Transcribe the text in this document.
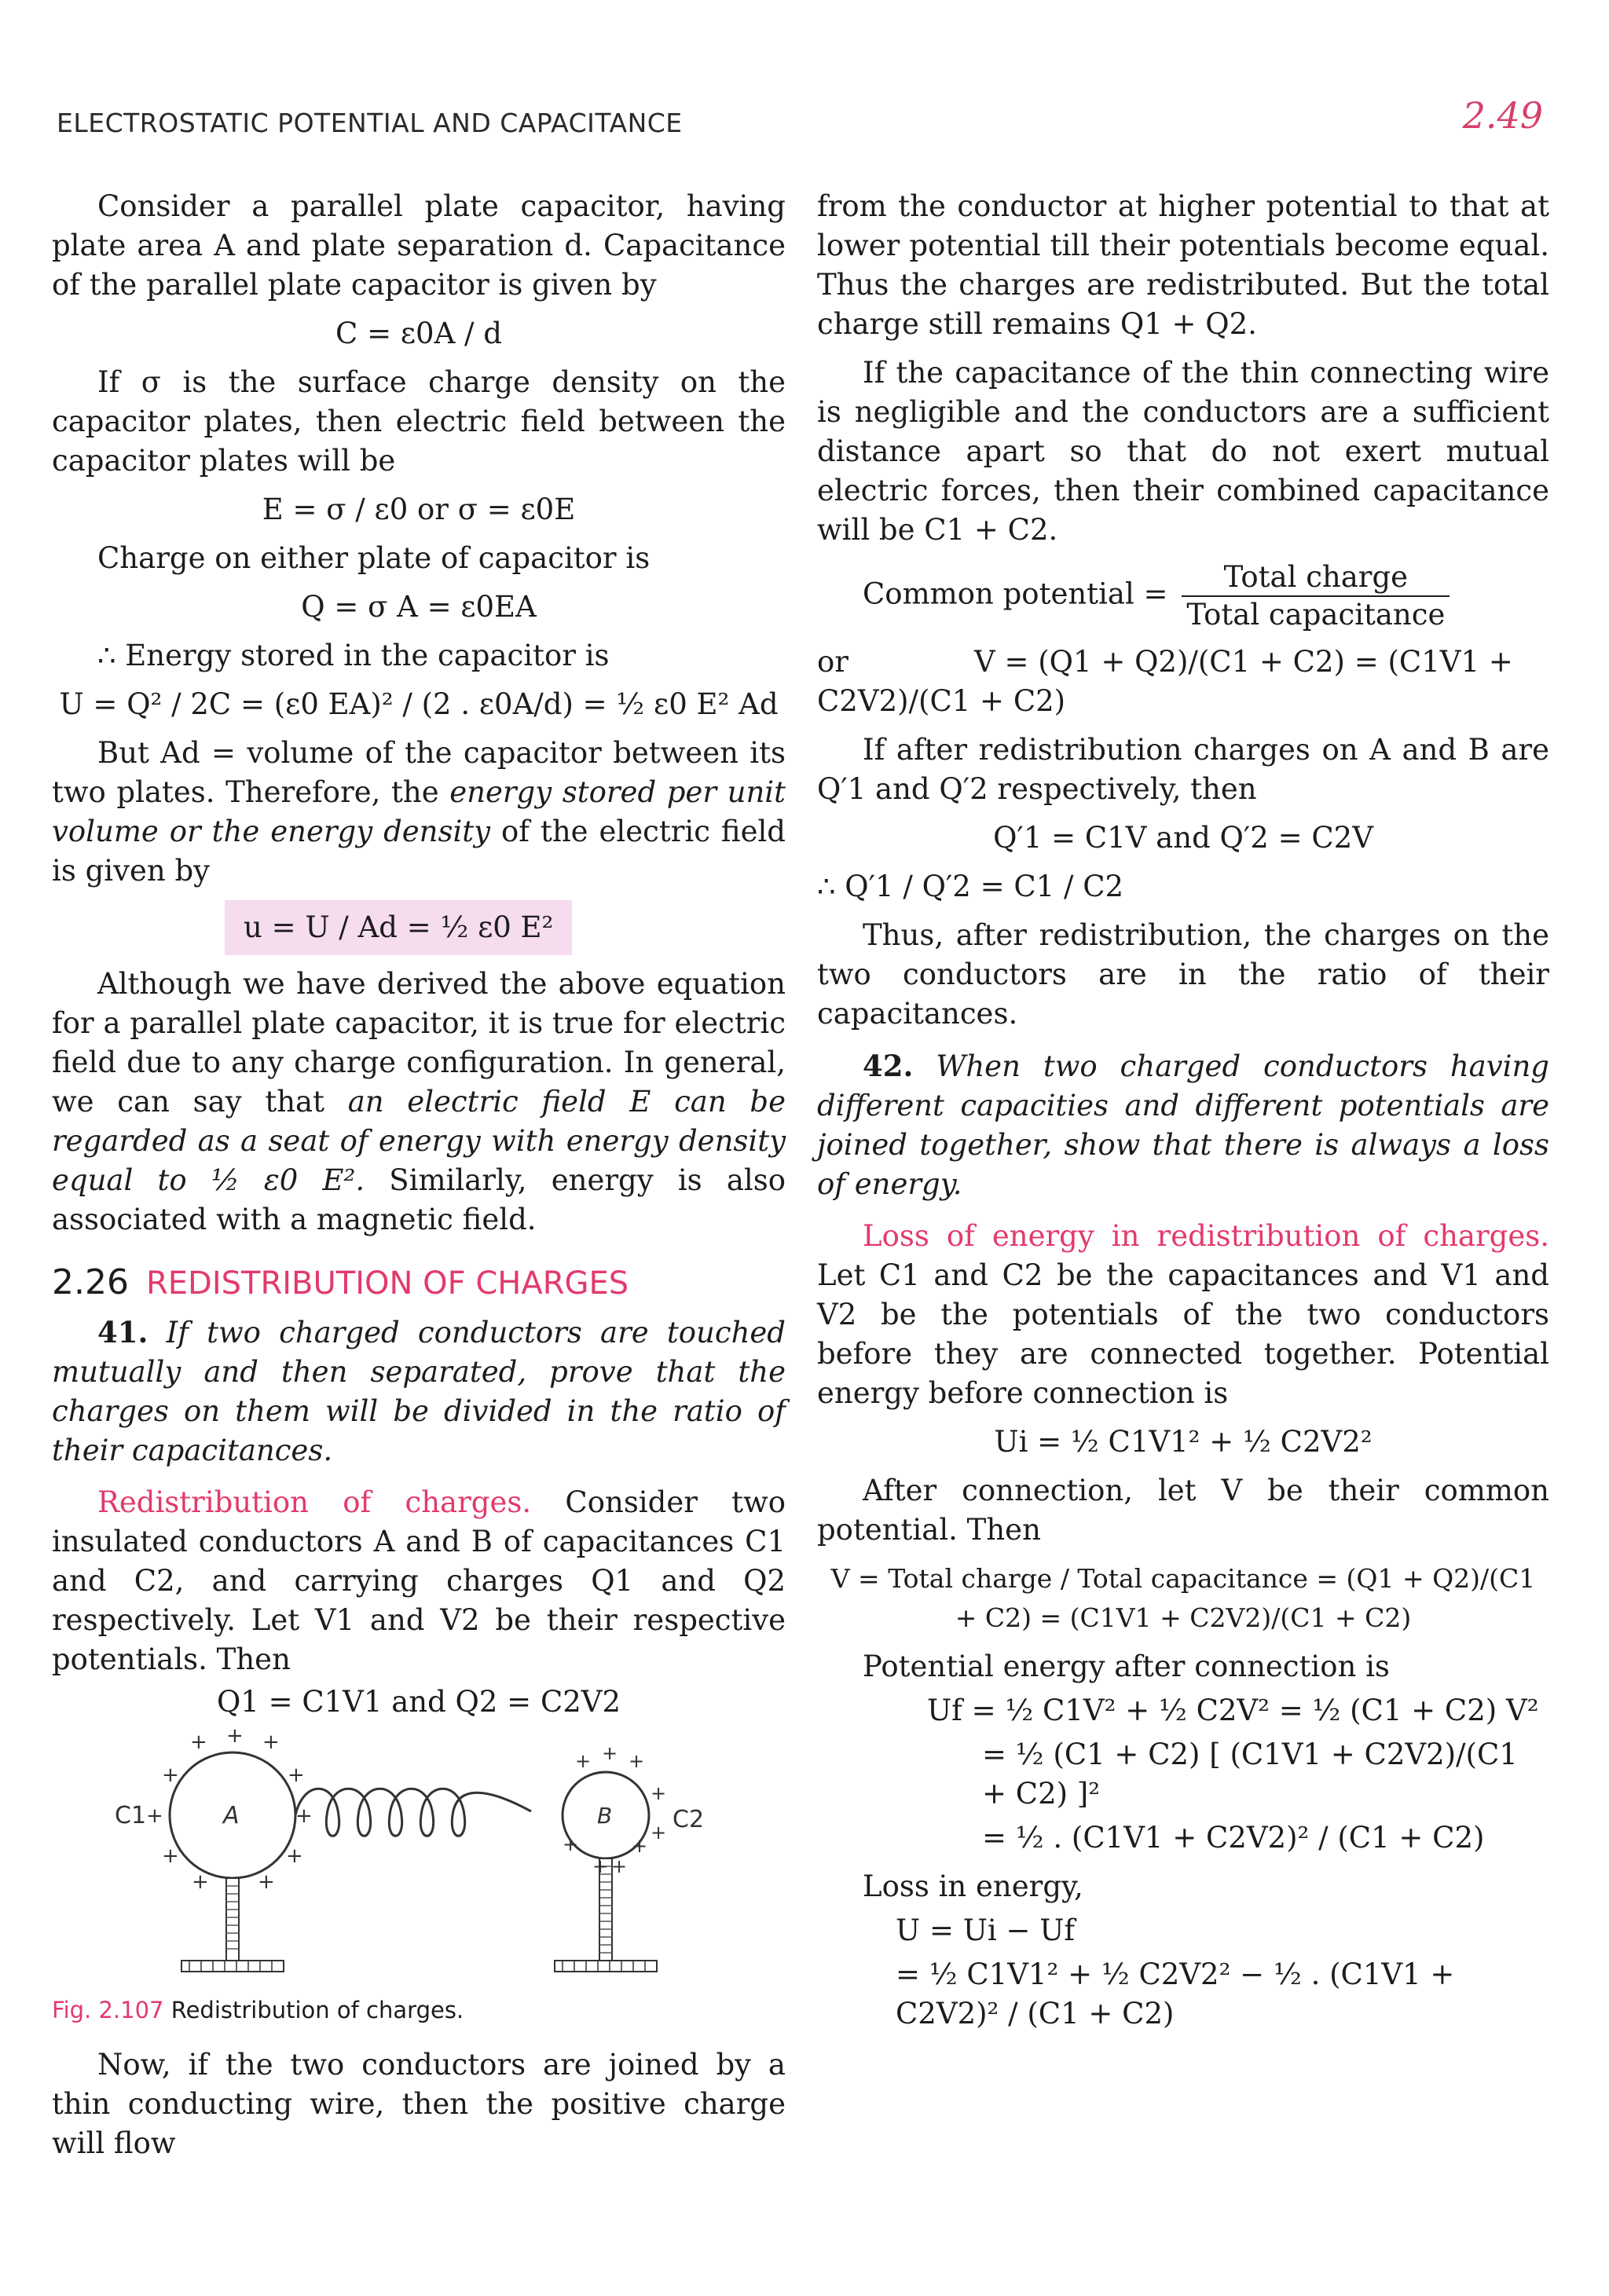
ELECTROSTATIC POTENTIAL AND CAPACITANCE	2.49

Consider a parallel plate capacitor, having plate area A and plate separation d. Capacitance of the parallel plate capacitor is given by

C = ε0A / d

If σ is the surface charge density on the capacitor plates, then electric field between the capacitor plates will be

E = σ / ε0 or σ = ε0E

Charge on either plate of capacitor is

Q = σ A = ε0EA

∴ Energy stored in the capacitor is

U = Q² / 2C = (ε0 EA)² / (2 . ε0A/d) = ½ ε0 E² Ad

But Ad = volume of the capacitor between its two plates. Therefore, the energy stored per unit volume or the energy density of the electric field is given by

u = U / Ad = ½ ε0 E²

Although we have derived the above equation for a parallel plate capacitor, it is true for electric field due to any charge configuration. In general, we can say that an electric field E can be regarded as a seat of energy with energy density equal to ½ ε0 E². Similarly, energy is also associated with a magnetic field.

2.26 REDISTRIBUTION OF CHARGES

41. If two charged conductors are touched mutually and then separated, prove that the charges on them will be divided in the ratio of their capacitances.

Redistribution of charges. Consider two insulated conductors A and B of capacitances C1 and C2, and carrying charges Q1 and Q2 respectively. Let V1 and V2 be their respective potentials. Then

Q1 = C1V1 and Q2 = C2V2
+ + +
+	+
+	+
+	+
+ +
+ + +
+
+
+	+
+ +
C1	A	B	C2
Fig. 2.107 Redistribution of charges.

Now, if the two conductors are joined by a thin conducting wire, then the positive charge will flow

from the conductor at higher potential to that at lower potential till their potentials become equal. Thus the charges are redistributed. But the total charge still remains Q1 + Q2.

If the capacitance of the thin connecting wire is negligible and the conductors are a sufficient distance apart so that do not exert mutual electric forces, then their combined capacitance will be C1 + C2.

Common potential = $\frac{\text{Total charge}}{\text{Total capacitance}}$
or	V = (Q1 + Q2)/(C1 + C2) = (C1V1 + C2V2)/(C1 + C2)

If after redistribution charges on A and B are Q′1 and Q′2 respectively, then

Q′1 = C1V and Q′2 = C2V
∴ Q′1 / Q′2 = C1 / C2

Thus, after redistribution, the charges on the two conductors are in the ratio of their capacitances.

42. When two charged conductors having different capacities and different potentials are joined together, show that there is always a loss of energy.

Loss of energy in redistribution of charges. Let C1 and C2 be the capacitances and V1 and V2 be the potentials of the two conductors before they are connected together. Potential energy before connection is

Ui = ½ C1V1² + ½ C2V2²

After connection, let V be their common potential. Then

V = Total charge / Total capacitance = (Q1 + Q2)/(C1 + C2) = (C1V1 + C2V2)/(C1 + C2)

Potential energy after connection is

Uf = ½ C1V² + ½ C2V² = ½ (C1 + C2) V²
= ½ (C1 + C2) [ (C1V1 + C2V2)/(C1 + C2) ]²
= ½ . (C1V1 + C2V2)² / (C1 + C2)

Loss in energy,

U = Ui − Uf
= ½ C1V1² + ½ C2V2² − ½ . (C1V1 + C2V2)² / (C1 + C2)
